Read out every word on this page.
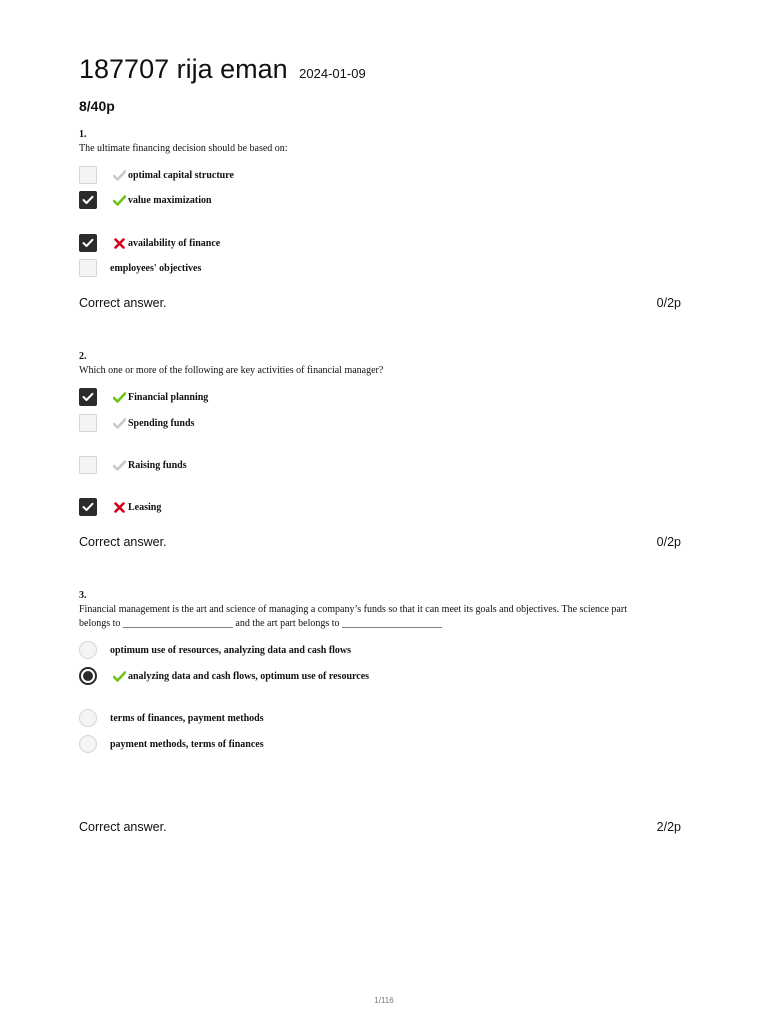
187707 rija eman 2024-01-09
8/40p
1.
The ultimate financing decision should be based on:
optimal capital structure
value maximization
availability of finance
employees' objectives
Correct answer.	0/2p
2.
Which one or more of the following are key activities of financial manager?
Financial planning
Spending funds
Raising funds
Leasing
Correct answer.	0/2p
3.
Financial management is the art and science of managing a company’s funds so that it can meet its goals and objectives. The science part
belongs to ______________________ and the art part belongs to ____________________
optimum use of resources, analyzing data and cash flows
analyzing data and cash flows, optimum use of resources
terms of finances, payment methods
payment methods, terms of finances
Correct answer.	2/2p
1/116
